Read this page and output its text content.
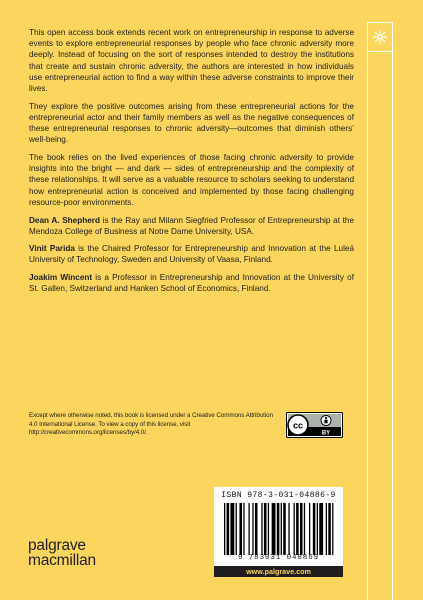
This open access book extends recent work on entrepreneurship in response to adverse events to explore entrepreneurial responses by people who face chronic adversity more deeply. Instead of focusing on the sort of responses intended to destroy the institutions that create and sustain chronic adversity, the authors are interested in how individuals use entrepreneurial action to find a way within these adverse constraints to improve their lives.

They explore the positive outcomes arising from these entrepreneurial actions for the entrepreneurial actor and their family members as well as the negative consequences of these entrepreneurial responses to chronic adversity—outcomes that diminish others’ well-being.

The book relies on the lived experiences of those facing chronic adversity to provide insights into the bright — and dark — sides of entrepreneurship and the complexity of these relationships. It will serve as a valuable resource to scholars seeking to understand how entrepreneurial action is conceived and implemented by those facing challenging resource-poor environments.

Dean A. Shepherd is the Ray and Milann Siegfried Professor of Entrepreneurship at the Mendoza College of Business at Notre Dame University, USA.

Vinit Parida is the Chaired Professor for Entrepreneurship and Innovation at the Luleá University of Technology, Sweden and University of Vaasa, Finland.

Joakim Wincent is a Professor in Entrepreneurship and Innovation at the University of St. Gallen, Switzerland and Hanken School of Economics, Finland.

Except where otherwise noted, this book is licensed under a Creative Commons Attribution 4.0 International License. To view a copy of this license, visit http://creativecommons.org/licenses/by/4.0/.
cc
BY
ISBN 978-3-031-04886-9
9 783031 048869
www.palgrave.com
palgrave
macmillan
